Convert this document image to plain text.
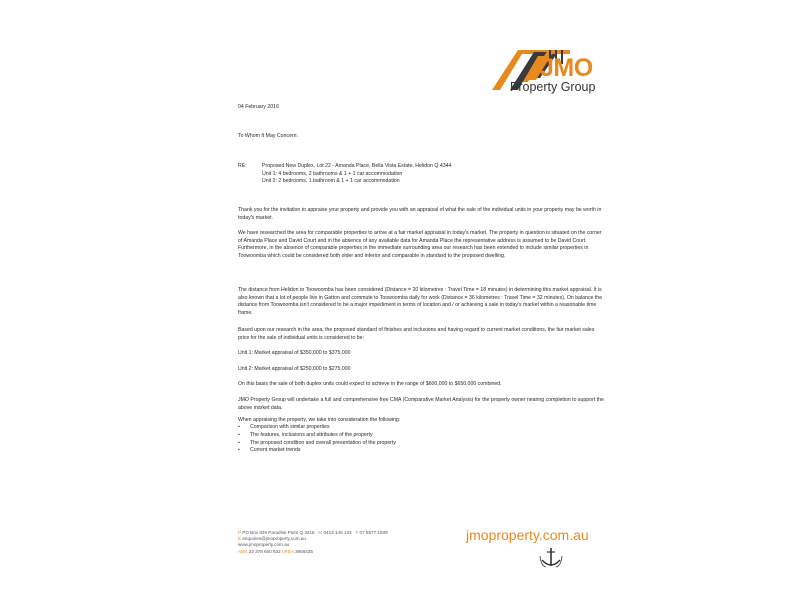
JMO
Property Group
04 February 2016
To Whom It May Concern:
RE:	Proposed New Duplex, Lot 22 - Amanda Place, Bella Vista Estate, Helidon Q 4344
Unit 1: 4 bedrooms, 2 bathrooms & 1 + 1 car accommodation
Unit 2: 2 bedrooms, 1 bathroom & 1 + 1 car accommodation

Thank you for the invitation to appraise your property and provide you with an appraisal of what the sale of the individual units in your property may be worth in today's market.

We have researched the area for comparable properties to arrive at a fair market appraisal in today's market. The property in question is situated on the corner of Amanda Place and David Court and in the absence of any available data for Amanda Place the representative address is assumed to be David Court. Furthermore, in the absence of comparable properties in the immediate surrounding area our research has been extended to include similar properties in Toowoomba which could be considered both older and inferior and comparable in standard to the proposed dwelling.

The distance from Helidon to Toowoomba has been considered (Distance = 20 kilometres : Travel Time = 18 minutes) in determining this market appraisal. It is also known that a lot of people live in Gatton and commute to Toowoomba daily for work (Distance = 36 kilometres : Travel Time = 32 minutes). On balance the distance from Toowoomba isn't considered to be a major impediment in terms of location and / or achieving a sale in today's market within a reasonable time frame.

Based upon our research in the area, the proposed standard of finishes and inclusions and having regard to current market conditions, the fair market sales price for the sale of individual units is considered to be:

Unit 1: Market appraisal of $350,000 to $375,000

Unit 2: Market appraisal of $250,000 to $275,000

On this basis the sale of both duplex units could expect to achieve in the range of $600,000 to $650,000 combined.

JMO Property Group will undertake a full and comprehensive free CMA (Comparative Market Analysis) for the property owner nearing completion to support the above market data.

When appraising the property, we take into consideration the following:

▪ Comparison with similar properties
▪ The features, inclusions and attributes of the property
▪ The proposed condition and overall presentation of the property
▪ Current market trends
P PO Box 835 Paradise Point Q 4216 M 0413 149 133 F 07 5577 1839
E enquiries@jmoproperty.com.au
www.jmoproperty.com.au
ABN 23 378 600 632 LREA 3958435
jmoproperty.com.au
